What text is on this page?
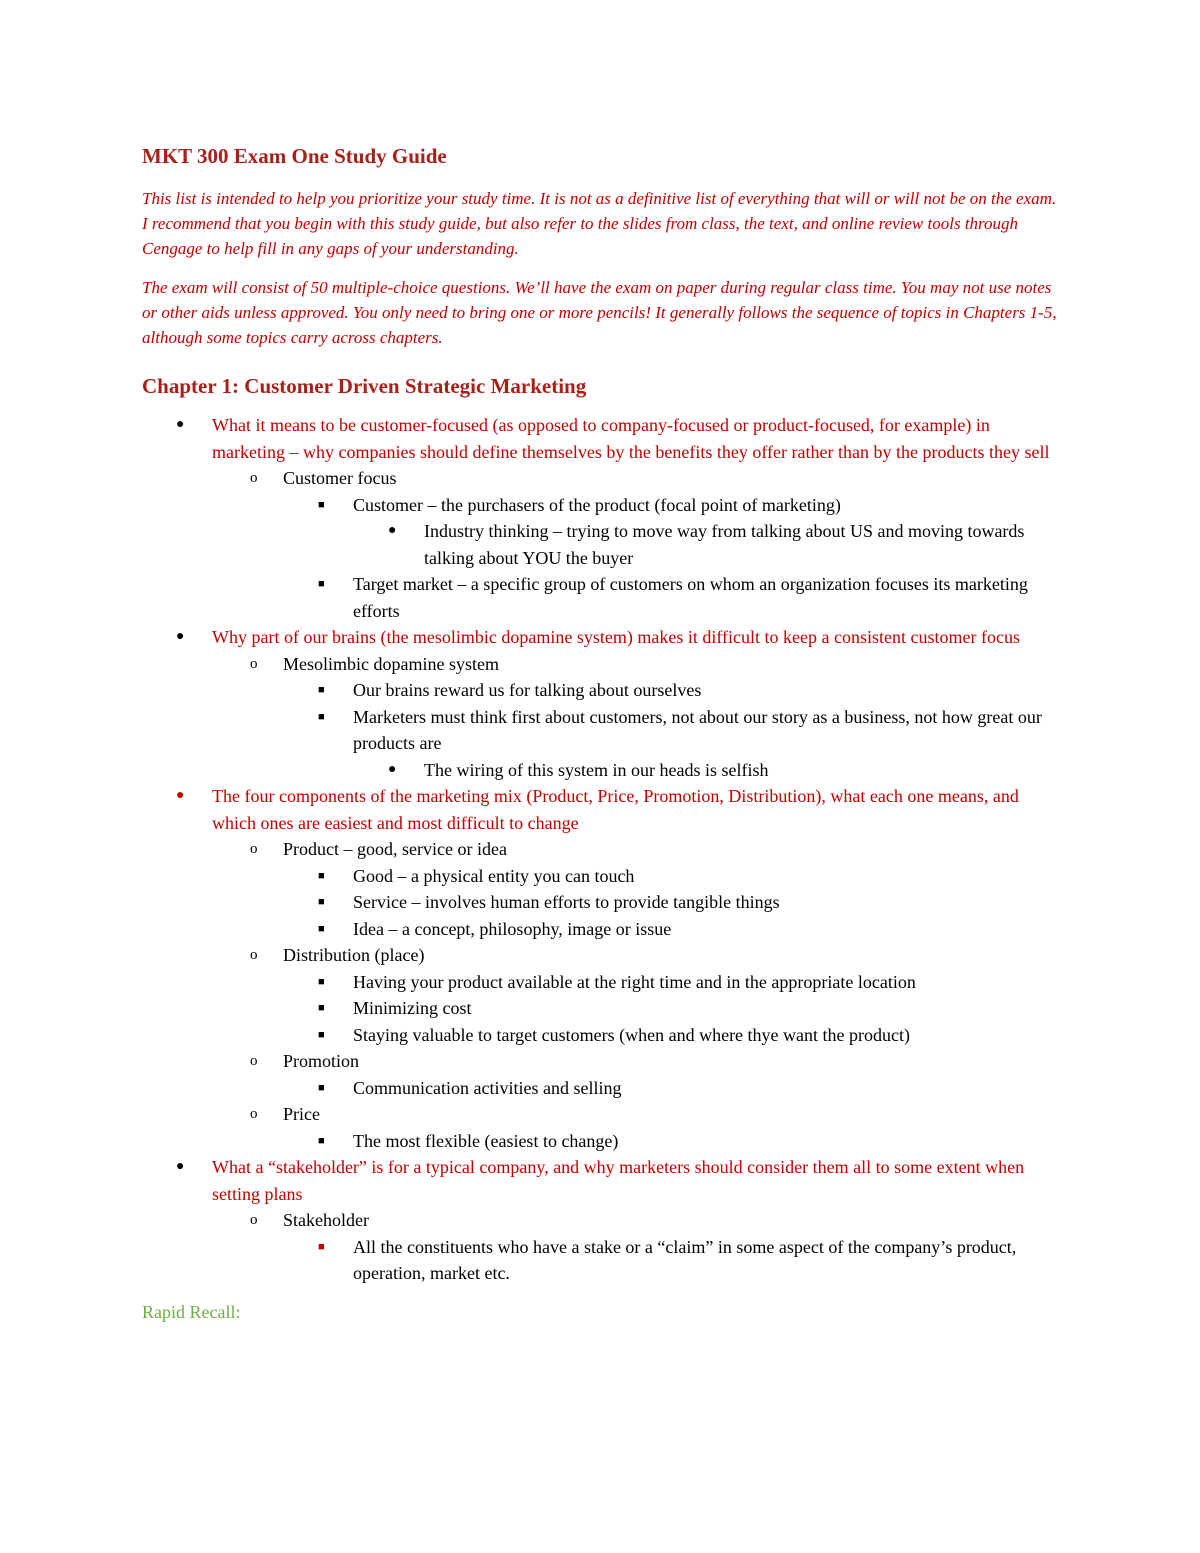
MKT 300 Exam One Study Guide

This list is intended to help you prioritize your study time. It is not as a definitive list of everything that will or will not be on the exam. I recommend that you begin with this study guide, but also refer to the slides from class, the text, and online review tools through Cengage to help fill in any gaps of your understanding.

The exam will consist of 50 multiple-choice questions. We’ll have the exam on paper during regular class time. You may not use notes or other aids unless approved. You only need to bring one or more pencils! It generally follows the sequence of topics in Chapters 1-5, although some topics carry across chapters.

Chapter 1: Customer Driven Strategic Marketing
● What it means to be customer-focused (as opposed to company-focused or product-focused, for example) in marketing – why companies should define themselves by the benefits they offer rather than by the products they sell
o Customer focus
■ Customer – the purchasers of the product (focal point of marketing)
● Industry thinking – trying to move way from talking about US and moving towards talking about YOU the buyer
■ Target market – a specific group of customers on whom an organization focuses its marketing efforts
● Why part of our brains (the mesolimbic dopamine system) makes it difficult to keep a consistent customer focus
o Mesolimbic dopamine system
■ Our brains reward us for talking about ourselves
■ Marketers must think first about customers, not about our story as a business, not how great our products are
● The wiring of this system in our heads is selfish
● The four components of the marketing mix (Product, Price, Promotion, Distribution), what each one means, and which ones are easiest and most difficult to change
o Product – good, service or idea
■ Good – a physical entity you can touch
■ Service – involves human efforts to provide tangible things
■ Idea – a concept, philosophy, image or issue
o Distribution (place)
■ Having your product available at the right time and in the appropriate location
■ Minimizing cost
■ Staying valuable to target customers (when and where thye want the product)
o Promotion
■ Communication activities and selling
o Price
■ The most flexible (easiest to change)
● What a “stakeholder” is for a typical company, and why marketers should consider them all to some extent when setting plans
o Stakeholder
■ All the constituents who have a stake or a “claim” in some aspect of the company’s product, operation, market etc.
Rapid Recall:
